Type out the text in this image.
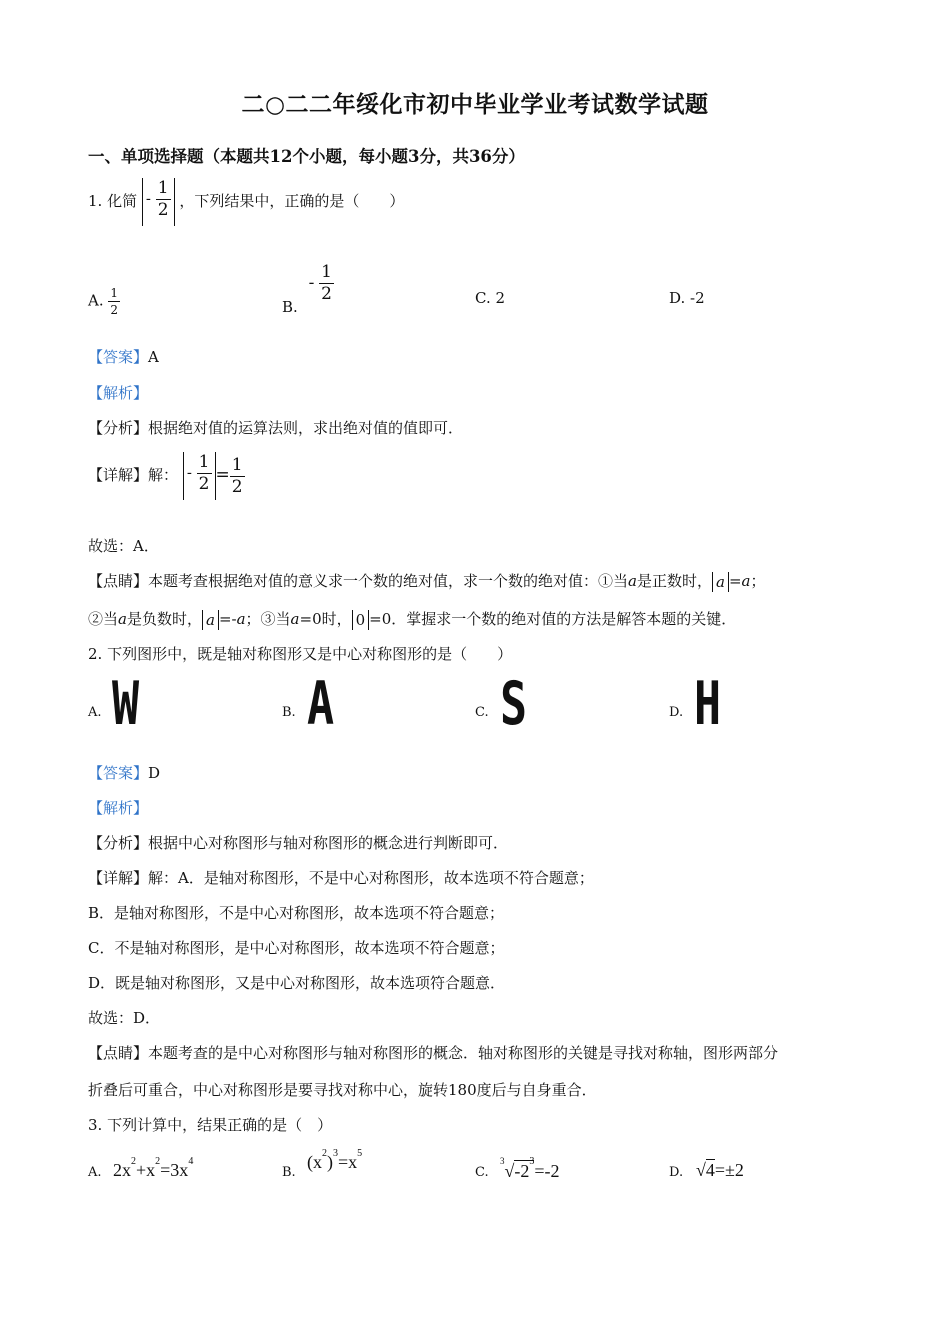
二○二二年绥化市初中毕业学业考试数学试题
一、单项选择题（本题共12个小题，每小题3分，共36分）
1. 化简 - $\frac{1}{2}$ ，下列结果中，正确的是（　　）
A. $\frac{1}{2}$	B. - $\frac{1}{2}$	C. 2	D. -2
【答案】A
【解析】
【分析】根据绝对值的运算法则，求出绝对值的值即可．
【详解】解： - $\frac{1}{2} = \frac{1}{2}$
故选：A．
【点睛】本题考查根据绝对值的意义求一个数的绝对值，求一个数的绝对值：①当a是正数时， a =a；
②当a是负数时， a =-a；③当a=0时， 0 =0．掌握求一个数的绝对值的方法是解答本题的关键．
2. 下列图形中，既是轴对称图形又是中心对称图形的是（　　）
A. W	B. A	C. S	D. H
【答案】D
【解析】
【分析】根据中心对称图形与轴对称图形的概念进行判断即可．
【详解】解：A．是轴对称图形，不是中心对称图形，故本选项不符合题意；
B．是轴对称图形，不是中心对称图形，故本选项不符合题意；
C．不是轴对称图形，是中心对称图形，故本选项不符合题意；
D．既是轴对称图形，又是中心对称图形，故本选项符合题意．
故选：D．
【点睛】本题考查的是中心对称图形与轴对称图形的概念．轴对称图形的关键是寻找对称轴，图形两部分
折叠后可重合，中心对称图形是要寻找对称中心，旋转180度后与自身重合．
3. 下列计算中，结果正确的是（　）
A. $2x^2+x^2=3x^4$
B.
$(x^2)^3=x^5$
C.
$^3√-2^3=-2$	D. √4=±2
